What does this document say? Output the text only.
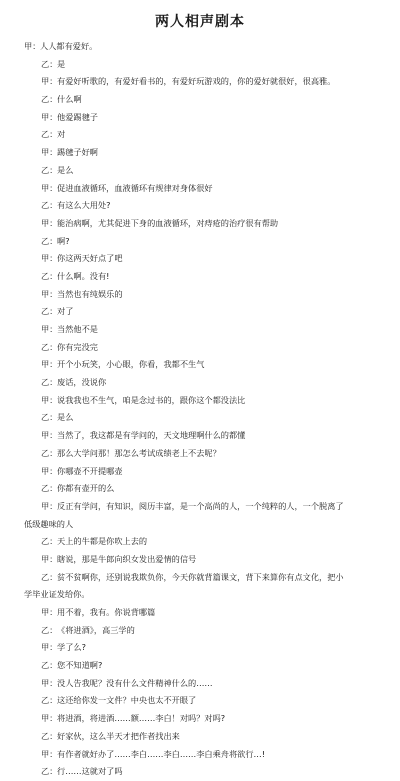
两人相声剧本
甲： 人人都有爱好。
乙： 是
甲： 有爱好听歌的，有爱好看书的，有爱好玩游戏的，你的爱好就很好，很高雅。
乙： 什么啊
甲： 他爱踢毽子
乙： 对
甲： 踢毽子好啊
乙： 是么
甲： 促进血液循环，血液循环有规律对身体很好
乙： 有这么大用处?
甲： 能治病啊，尤其促进下身的血液循环，对痔疮的治疗很有帮助
乙： 啊?
甲： 你这两天好点了吧
乙： 什么啊。没有!
甲： 当然也有纯娱乐的
乙： 对了
甲： 当然他不是
乙： 你有完没完
甲： 开个小玩笑，小心眼，你看，我都不生气
乙： 废话，没说你
甲： 说我我也不生气，咱是念过书的，跟你这个都没法比
乙： 是么
甲： 当然了，我这都是有学问的，天文地理啊什么的都懂
乙： 那么大学问那！那怎么考试成绩老上不去呢？
甲： 你哪壶不开提哪壶
乙： 你都有壶开的么
甲： 反正有学问，有知识，阅历丰富，是一个高尚的人，一个纯粹的人，一个脱离了
低级趣味的人
乙： 天上的牛都是你吹上去的
甲： 瞎说，那是牛郎向织女发出爱情的信号
乙： 贫不贫啊你，还别说我欺负你，今天你就背篇课文，背下来算你有点文化，把小
学毕业证发给你。
甲： 用不着，我有。你说背哪篇
乙： 《将进酒》，高三学的
甲： 学了么?
乙： 您不知道啊?
甲： 没人告我呢？没有什么文件精神什么的……
乙： 这还给你发一文件？中央也太不开眼了
甲： 将进酒，将进酒……额……李白！对吗？对吗?
乙： 好家伙，这么半天才把作者找出来
甲： 有作者就好办了……李白……李白……李白乘舟将欲行…!
乙： 行……这就对了吗
